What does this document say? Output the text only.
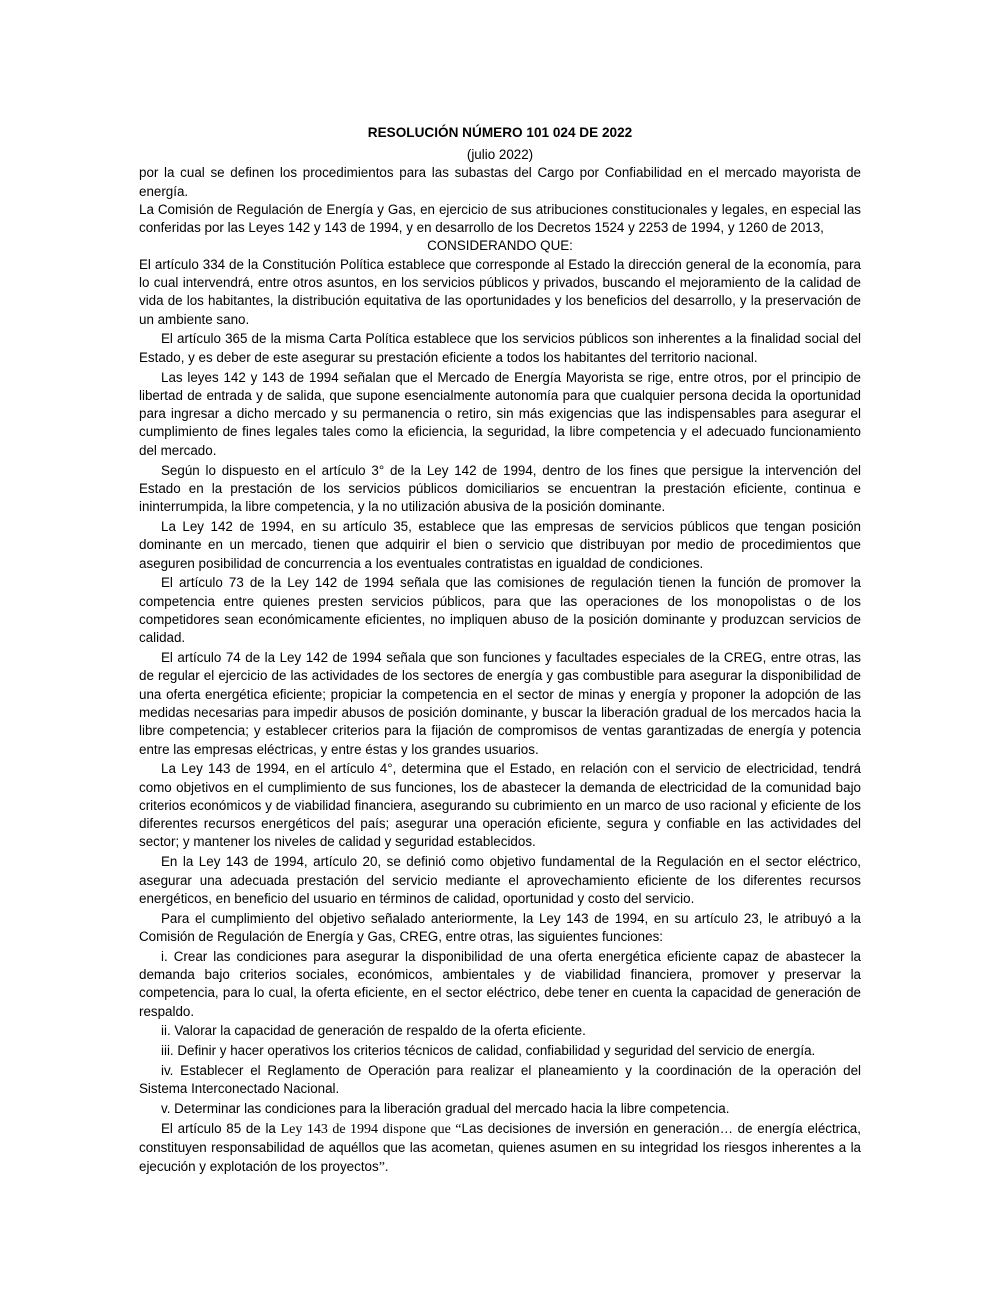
RESOLUCIÓN NÚMERO 101 024 DE 2022

(julio 2022)

por la cual se definen los procedimientos para las subastas del Cargo por Confiabilidad en el mercado mayorista de energía.

La Comisión de Regulación de Energía y Gas, en ejercicio de sus atribuciones constitucionales y legales, en especial las conferidas por las Leyes 142 y 143 de 1994, y en desarrollo de los Decretos 1524 y 2253 de 1994, y 1260 de 2013,

CONSIDERANDO QUE:

El artículo 334 de la Constitución Política establece que corresponde al Estado la dirección general de la economía, para lo cual intervendrá, entre otros asuntos, en los servicios públicos y privados, buscando el mejoramiento de la calidad de vida de los habitantes, la distribución equitativa de las oportunidades y los beneficios del desarrollo, y la preservación de un ambiente sano.

El artículo 365 de la misma Carta Política establece que los servicios públicos son inherentes a la finalidad social del Estado, y es deber de este asegurar su prestación eficiente a todos los habitantes del territorio nacional.

Las leyes 142 y 143 de 1994 señalan que el Mercado de Energía Mayorista se rige, entre otros, por el principio de libertad de entrada y de salida, que supone esencialmente autonomía para que cualquier persona decida la oportunidad para ingresar a dicho mercado y su permanencia o retiro, sin más exigencias que las indispensables para asegurar el cumplimiento de fines legales tales como la eficiencia, la seguridad, la libre competencia y el adecuado funcionamiento del mercado.

Según lo dispuesto en el artículo 3° de la Ley 142 de 1994, dentro de los fines que persigue la intervención del Estado en la prestación de los servicios públicos domiciliarios se encuentran la prestación eficiente, continua e ininterrumpida, la libre competencia, y la no utilización abusiva de la posición dominante.

La Ley 142 de 1994, en su artículo 35, establece que las empresas de servicios públicos que tengan posición dominante en un mercado, tienen que adquirir el bien o servicio que distribuyan por medio de procedimientos que aseguren posibilidad de concurrencia a los eventuales contratistas en igualdad de condiciones.

El artículo 73 de la Ley 142 de 1994 señala que las comisiones de regulación tienen la función de promover la competencia entre quienes presten servicios públicos, para que las operaciones de los monopolistas o de los competidores sean económicamente eficientes, no impliquen abuso de la posición dominante y produzcan servicios de calidad.

El artículo 74 de la Ley 142 de 1994 señala que son funciones y facultades especiales de la CREG, entre otras, las de regular el ejercicio de las actividades de los sectores de energía y gas combustible para asegurar la disponibilidad de una oferta energética eficiente; propiciar la competencia en el sector de minas y energía y proponer la adopción de las medidas necesarias para impedir abusos de posición dominante, y buscar la liberación gradual de los mercados hacia la libre competencia; y establecer criterios para la fijación de compromisos de ventas garantizadas de energía y potencia entre las empresas eléctricas, y entre éstas y los grandes usuarios.

La Ley 143 de 1994, en el artículo 4°, determina que el Estado, en relación con el servicio de electricidad, tendrá como objetivos en el cumplimiento de sus funciones, los de abastecer la demanda de electricidad de la comunidad bajo criterios económicos y de viabilidad financiera, asegurando su cubrimiento en un marco de uso racional y eficiente de los diferentes recursos energéticos del país; asegurar una operación eficiente, segura y confiable en las actividades del sector; y mantener los niveles de calidad y seguridad establecidos.

En la Ley 143 de 1994, artículo 20, se definió como objetivo fundamental de la Regulación en el sector eléctrico, asegurar una adecuada prestación del servicio mediante el aprovechamiento eficiente de los diferentes recursos energéticos, en beneficio del usuario en términos de calidad, oportunidad y costo del servicio.

Para el cumplimiento del objetivo señalado anteriormente, la Ley 143 de 1994, en su artículo 23, le atribuyó a la Comisión de Regulación de Energía y Gas, CREG, entre otras, las siguientes funciones:

i. Crear las condiciones para asegurar la disponibilidad de una oferta energética eficiente capaz de abastecer la demanda bajo criterios sociales, económicos, ambientales y de viabilidad financiera, promover y preservar la competencia, para lo cual, la oferta eficiente, en el sector eléctrico, debe tener en cuenta la capacidad de generación de respaldo.

ii. Valorar la capacidad de generación de respaldo de la oferta eficiente.

iii. Definir y hacer operativos los criterios técnicos de calidad, confiabilidad y seguridad del servicio de energía.

iv. Establecer el Reglamento de Operación para realizar el planeamiento y la coordinación de la operación del Sistema Interconectado Nacional.

v. Determinar las condiciones para la liberación gradual del mercado hacia la libre competencia.

El artículo 85 de la Ley 143 de 1994 dispone que “Las decisiones de inversión en generación… de energía eléctrica, constituyen responsabilidad de aquéllos que las acometan, quienes asumen en su integridad los riesgos inherentes a la ejecución y explotación de los proyectos”.
